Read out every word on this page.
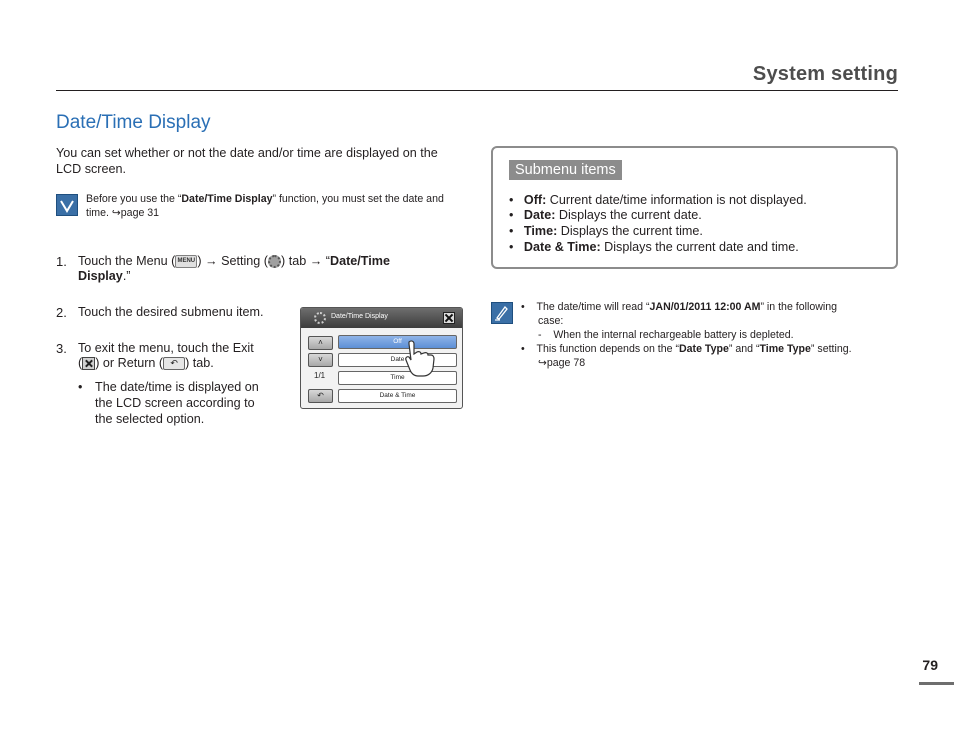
System setting
Date/Time Display
You can set whether or not the date and/or time are displayed on the LCD screen.
Before you use the “Date/Time Display” function, you must set the date and time. ↪page 31
1. Touch the Menu ( MENU ) → Setting ( ) tab → “Date/Time Display.”
2. Touch the desired submenu item.
3. To exit the menu, touch the Exit
( ) or Return ( ↶ ) tab.
• The date/time is displayed on the LCD screen according to the selected option.
Date/Time Display
˄
˅
1/1
↶
Off
Date
Time
Date & Time
Submenu items
•   Off: Current date/time information is not displayed.
•   Date: Displays the current date.
•   Time: Displays the current time.
•   Date & Time: Displays the current date and time.
•    The date/time will read “JAN/01/2011 12:00 AM” in the following
case:
-    When the internal rechargeable battery is depleted.
•    This function depends on the “Date Type” and “Time Type” setting.
↪page 78
79
